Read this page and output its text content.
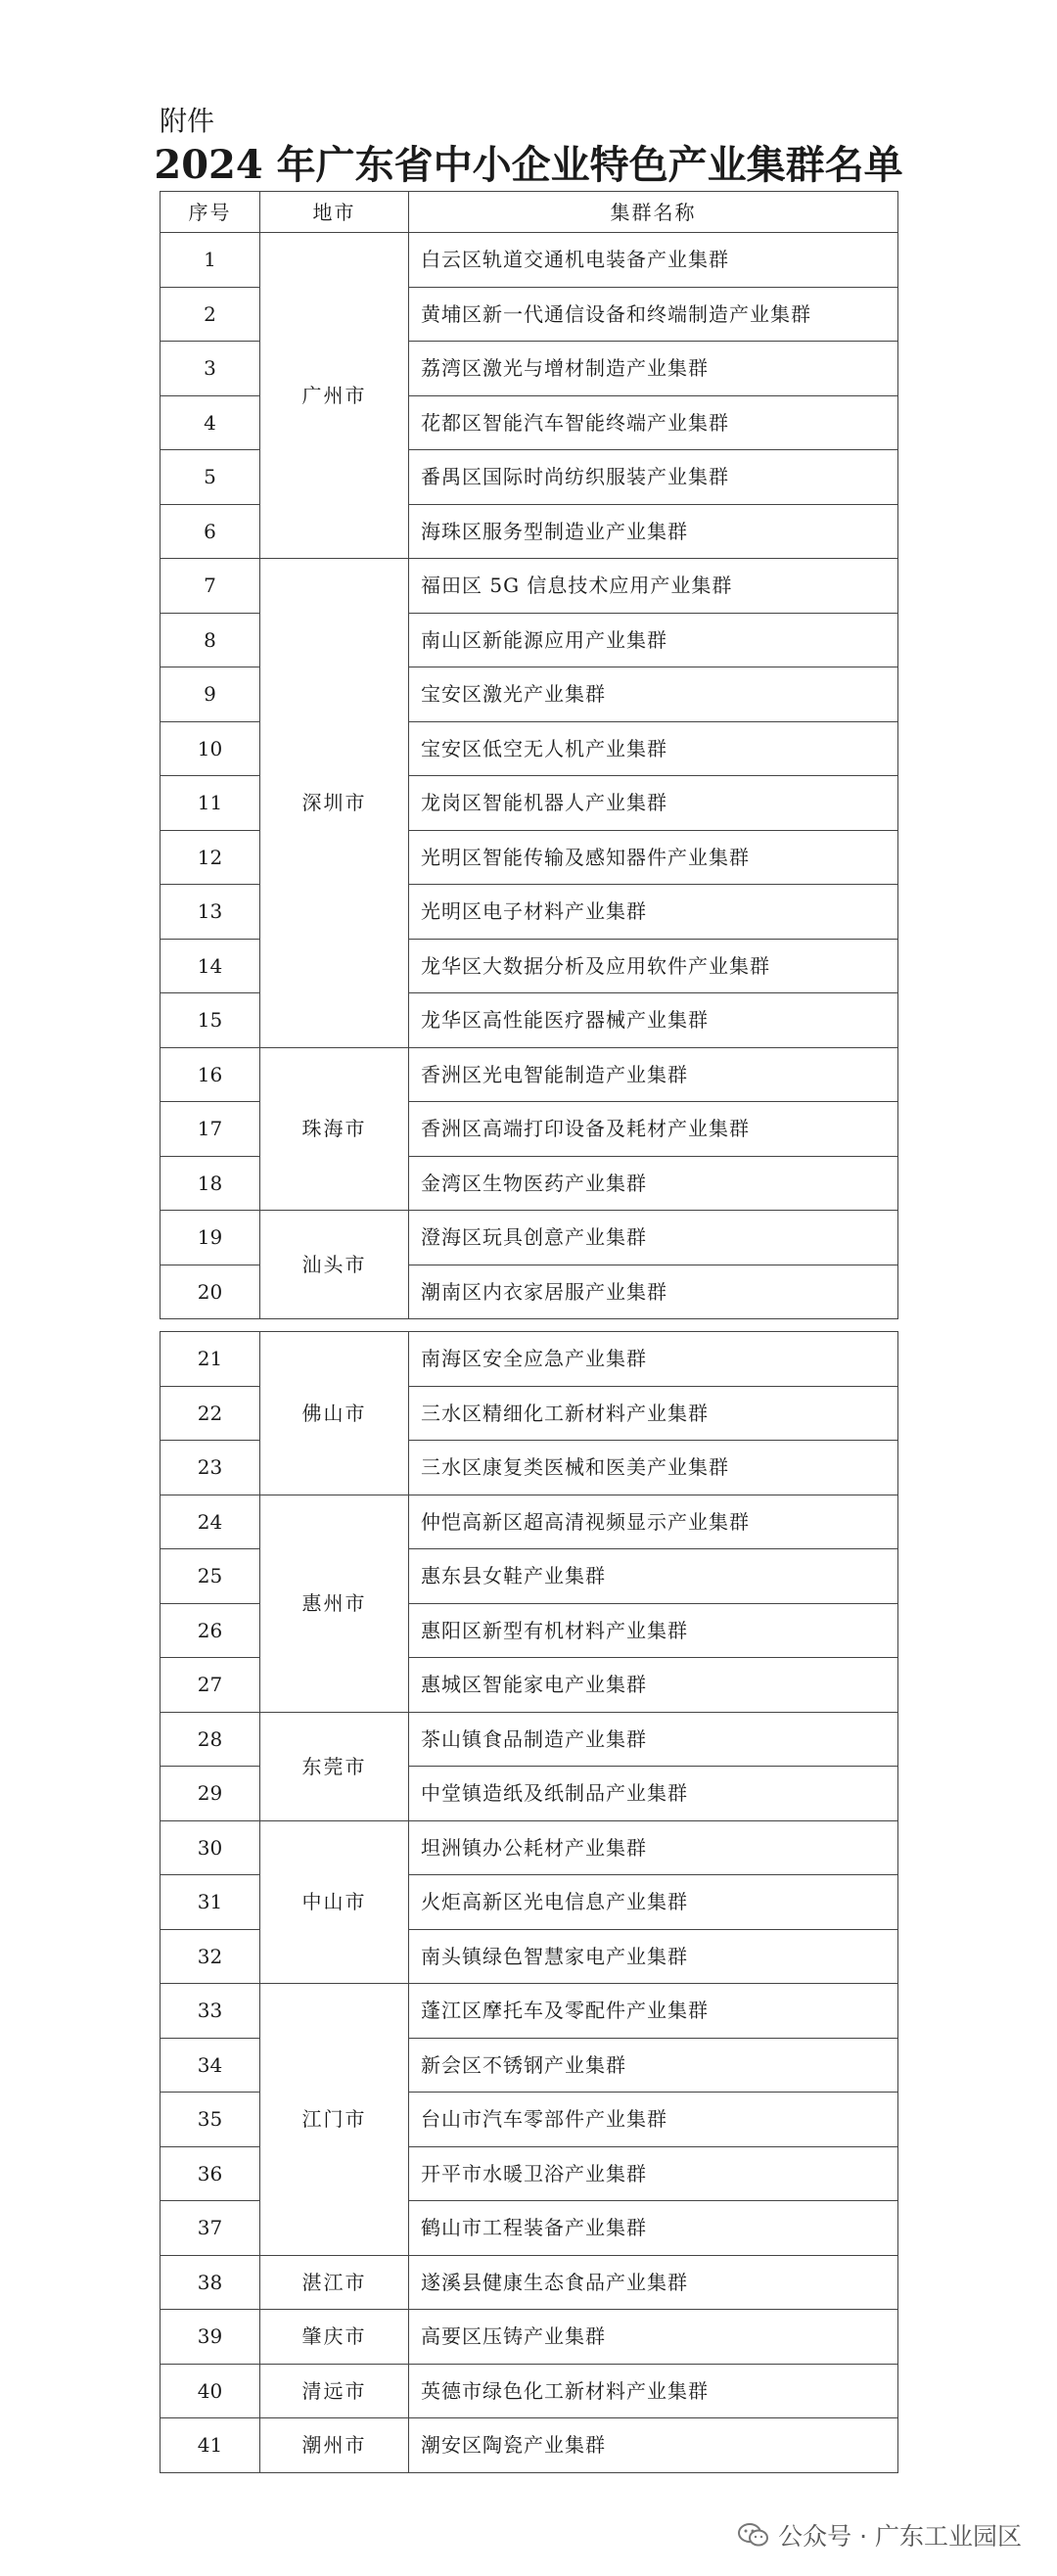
附件
2024 年广东省中小企业特色产业集群名单
序号	地市	集群名称
1	广州市	白云区轨道交通机电装备产业集群
2		黄埔区新一代通信设备和终端制造产业集群
3		荔湾区激光与增材制造产业集群
4		花都区智能汽车智能终端产业集群
5		番禺区国际时尚纺织服装产业集群
6		海珠区服务型制造业产业集群
7	深圳市	福田区 5G 信息技术应用产业集群
8		南山区新能源应用产业集群
9		宝安区激光产业集群
10		宝安区低空无人机产业集群
11		龙岗区智能机器人产业集群
12		光明区智能传输及感知器件产业集群
13		光明区电子材料产业集群
14		龙华区大数据分析及应用软件产业集群
15		龙华区高性能医疗器械产业集群
16	珠海市	香洲区光电智能制造产业集群
17		香洲区高端打印设备及耗材产业集群
18		金湾区生物医药产业集群
19	汕头市	澄海区玩具创意产业集群
20		潮南区内衣家居服产业集群
21	佛山市	南海区安全应急产业集群
22		三水区精细化工新材料产业集群
23		三水区康复类医械和医美产业集群
24	惠州市	仲恺高新区超高清视频显示产业集群
25		惠东县女鞋产业集群
26		惠阳区新型有机材料产业集群
27		惠城区智能家电产业集群
28	东莞市	茶山镇食品制造产业集群
29		中堂镇造纸及纸制品产业集群
30	中山市	坦洲镇办公耗材产业集群
31		火炬高新区光电信息产业集群
32		南头镇绿色智慧家电产业集群
33	江门市	蓬江区摩托车及零配件产业集群
34		新会区不锈钢产业集群
35		台山市汽车零部件产业集群
36		开平市水暖卫浴产业集群
37		鹤山市工程装备产业集群
38	湛江市	遂溪县健康生态食品产业集群
39	肇庆市	高要区压铸产业集群
40	清远市	英德市绿色化工新材料产业集群
41	潮州市	潮安区陶瓷产业集群
公众号 · 广东工业园区
